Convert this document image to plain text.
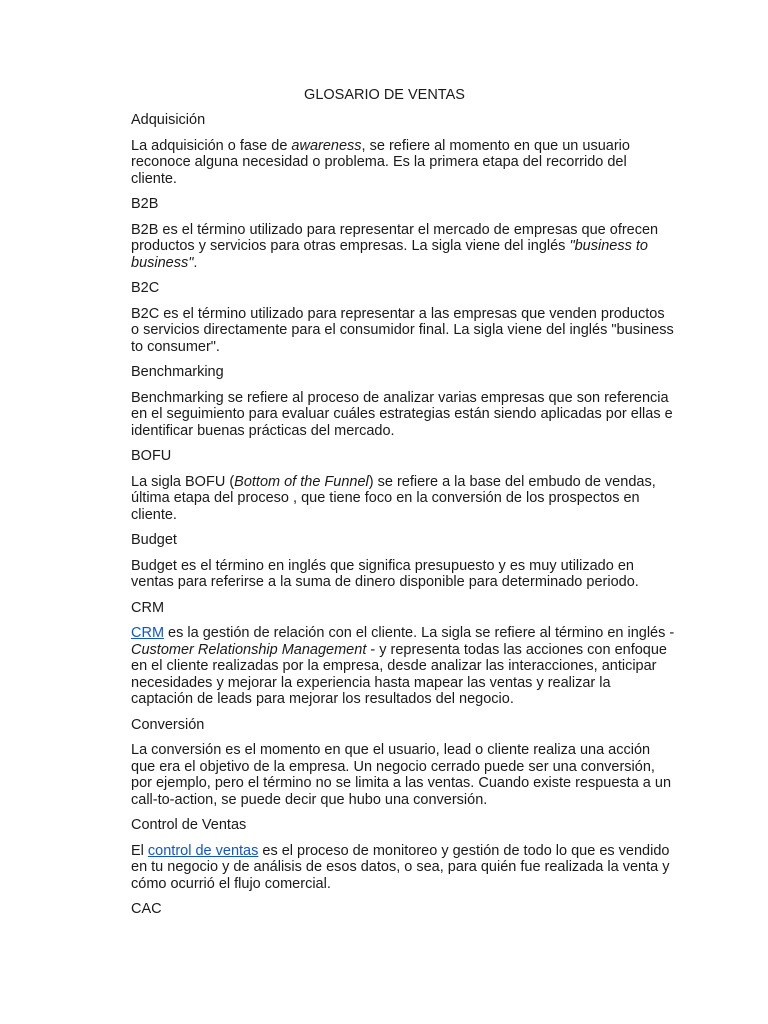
GLOSARIO DE VENTAS
Adquisición
La adquisición o fase de awareness, se refiere al momento en que un usuario reconoce alguna necesidad o problema. Es la primera etapa del recorrido del cliente.
B2B
B2B es el término utilizado para representar el mercado de empresas que ofrecen productos y servicios para otras empresas. La sigla viene del inglés "business to business".
B2C
B2C es el término utilizado para representar a las empresas que venden productos o servicios directamente para el consumidor final. La sigla viene del inglés "business to consumer".
Benchmarking
Benchmarking se refiere al proceso de analizar varias empresas que son referencia en el seguimiento para evaluar cuáles estrategias están siendo aplicadas por ellas e identificar buenas prácticas del mercado.
BOFU
La sigla BOFU (Bottom of the Funnel) se refiere a la base del embudo de vendas, última etapa del proceso , que tiene foco en la conversión de los prospectos en cliente.
Budget
Budget es el término en inglés que significa presupuesto y es muy utilizado en ventas para referirse a la suma de dinero disponible para determinado periodo.
CRM
CRM es la gestión de relación con el cliente. La sigla se refiere al término en inglés - Customer Relationship Management - y representa todas las acciones con enfoque en el cliente realizadas por la empresa, desde analizar las interacciones, anticipar necesidades y mejorar la experiencia hasta mapear las ventas y realizar la captación de leads para mejorar los resultados del negocio.
Conversión
La conversión es el momento en que el usuario, lead o cliente realiza una acción que era el objetivo de la empresa. Un negocio cerrado puede ser una conversión, por ejemplo, pero el término no se limita a las ventas. Cuando existe respuesta a un call-to-action, se puede decir que hubo una conversión.
Control de Ventas
El control de ventas es el proceso de monitoreo y gestión de todo lo que es vendido en tu negocio y de análisis de esos datos, o sea, para quién fue realizada la venta y cómo ocurrió el flujo comercial.
CAC
